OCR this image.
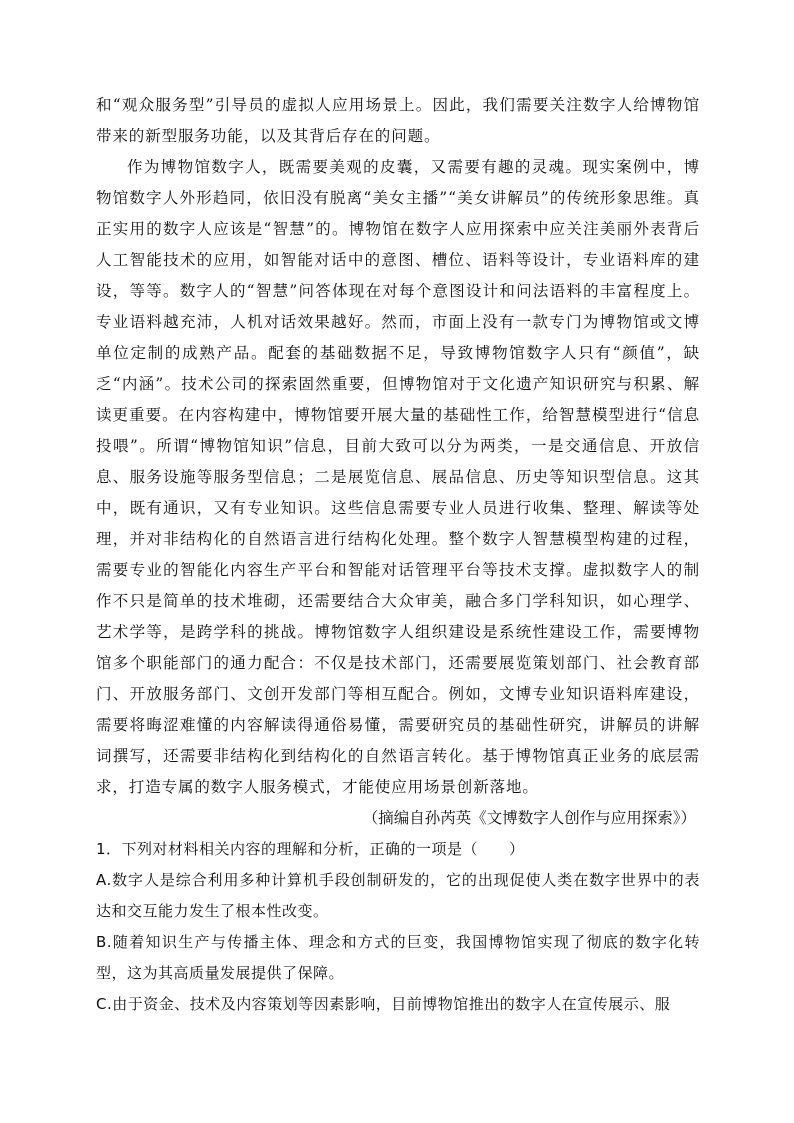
和“观众服务型”引导员的虚拟人应用场景上。因此，我们需要关注数字人给博物馆带来的新型服务功能，以及其背后存在的问题。

作为博物馆数字人，既需要美观的皮囊，又需要有趣的灵魂。现实案例中，博物馆数字人外形趋同，依旧没有脱离“美女主播”“美女讲解员”的传统形象思维。真正实用的数字人应该是“智慧”的。博物馆在数字人应用探索中应关注美丽外表背后人工智能技术的应用，如智能对话中的意图、槽位、语料等设计，专业语料库的建设，等等。数字人的“智慧”问答体现在对每个意图设计和问法语料的丰富程度上。专业语料越充沛，人机对话效果越好。然而，市面上没有一款专门为博物馆或文博单位定制的成熟产品。配套的基础数据不足，导致博物馆数字人只有“颜值”，缺乏“内涵”。技术公司的探索固然重要，但博物馆对于文化遗产知识研究与积累、解读更重要。在内容构建中，博物馆要开展大量的基础性工作，给智慧模型进行“信息投喂”。所谓“博物馆知识”信息，目前大致可以分为两类，一是交通信息、开放信息、服务设施等服务型信息；二是展览信息、展品信息、历史等知识型信息。这其中，既有通识，又有专业知识。这些信息需要专业人员进行收集、整理、解读等处理，并对非结构化的自然语言进行结构化处理。整个数字人智慧模型构建的过程，需要专业的智能化内容生产平台和智能对话管理平台等技术支撑。虚拟数字人的制作不只是简单的技术堆砌，还需要结合大众审美，融合多门学科知识，如心理学、艺术学等，是跨学科的挑战。博物馆数字人组织建设是系统性建设工作，需要博物馆多个职能部门的通力配合：不仅是技术部门，还需要展览策划部门、社会教育部门、开放服务部门、文创开发部门等相互配合。例如，文博专业知识语料库建设，需要将晦涩难懂的内容解读得通俗易懂，需要研究员的基础性研究，讲解员的讲解词撰写，还需要非结构化到结构化的自然语言转化。基于博物馆真正业务的底层需求，打造专属的数字人服务模式，才能使应用场景创新落地。

（摘编自孙芮英《文博数字人创作与应用探索》）

1．下列对材料相关内容的理解和分析，正确的一项是（　　）

A.数字人是综合利用多种计算机手段创制研发的，它的出现促使人类在数字世界中的表达和交互能力发生了根本性改变。

B.随着知识生产与传播主体、理念和方式的巨变，我国博物馆实现了彻底的数字化转型，这为其高质量发展提供了保障。

C.由于资金、技术及内容策划等因素影响，目前博物馆推出的数字人在宣传展示、服
